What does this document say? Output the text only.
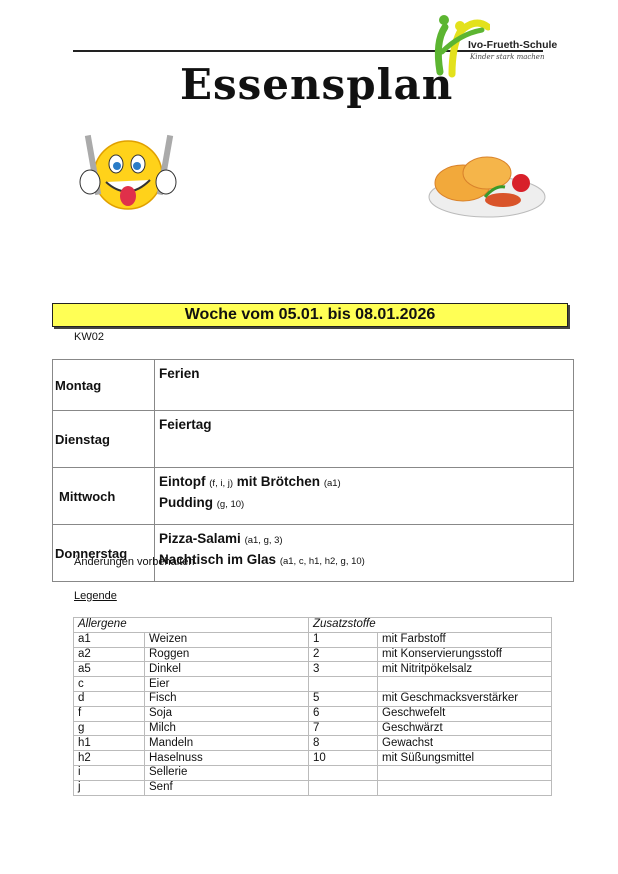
Ivo-Frueth-Schule
Kinder stark machen
Essensplan
Woche vom 05.01. bis 08.01.2026
KW02
Montag	Ferien

Dienstag	Feiertag

Mittwoch	Eintopf (f, i, j) mit Brötchen (a1)
Pudding (g, 10)

Donnerstag	Pizza-Salami (a1, g, 3)
Nachtisch im Glas (a1, c, h1, h2, g, 10)
Änderungen vorbehalten
Legende
Allergene		Zusatzstoffe	
a1	Weizen	1	mit Farbstoff
a2	Roggen	2	mit Konservierungsstoff
a5	Dinkel	3	mit Nitritpökelsalz
c	Eier		
d	Fisch	5	mit Geschmacksverstärker
f	Soja	6	Geschwefelt
g	Milch	7	Geschwärzt
h1	Mandeln	8	Gewachst
h2	Haselnuss	10	mit Süßungsmittel
i	Sellerie		
j	Senf		
